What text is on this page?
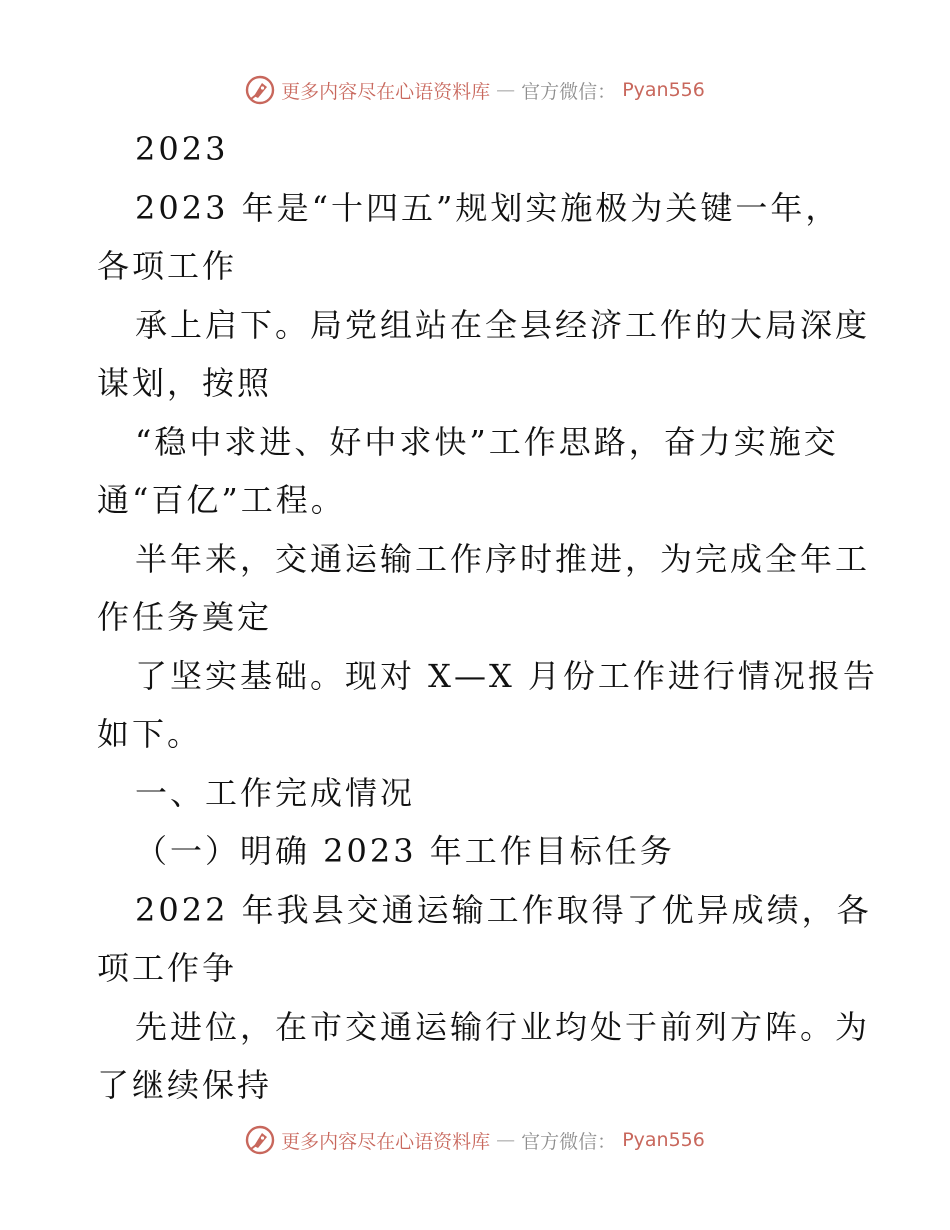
更多内容尽在心语资料库 — 官方微信： Pyan556
2023
2023 年是“十四五”规划实施极为关键一年，
各项工作
承上启下。局党组站在全县经济工作的大局深度
谋划，按照
“稳中求进、好中求快”工作思路，奋力实施交
通“百亿”工程。
半年来，交通运输工作序时推进，为完成全年工
作任务奠定
了坚实基础。现对 X—X 月份工作进行情况报告
如下。
一、工作完成情况
（一）明确 2023 年工作目标任务
2022 年我县交通运输工作取得了优异成绩，各
项工作争
先进位，在市交通运输行业均处于前列方阵。为
了继续保持
更多内容尽在心语资料库 — 官方微信： Pyan556
